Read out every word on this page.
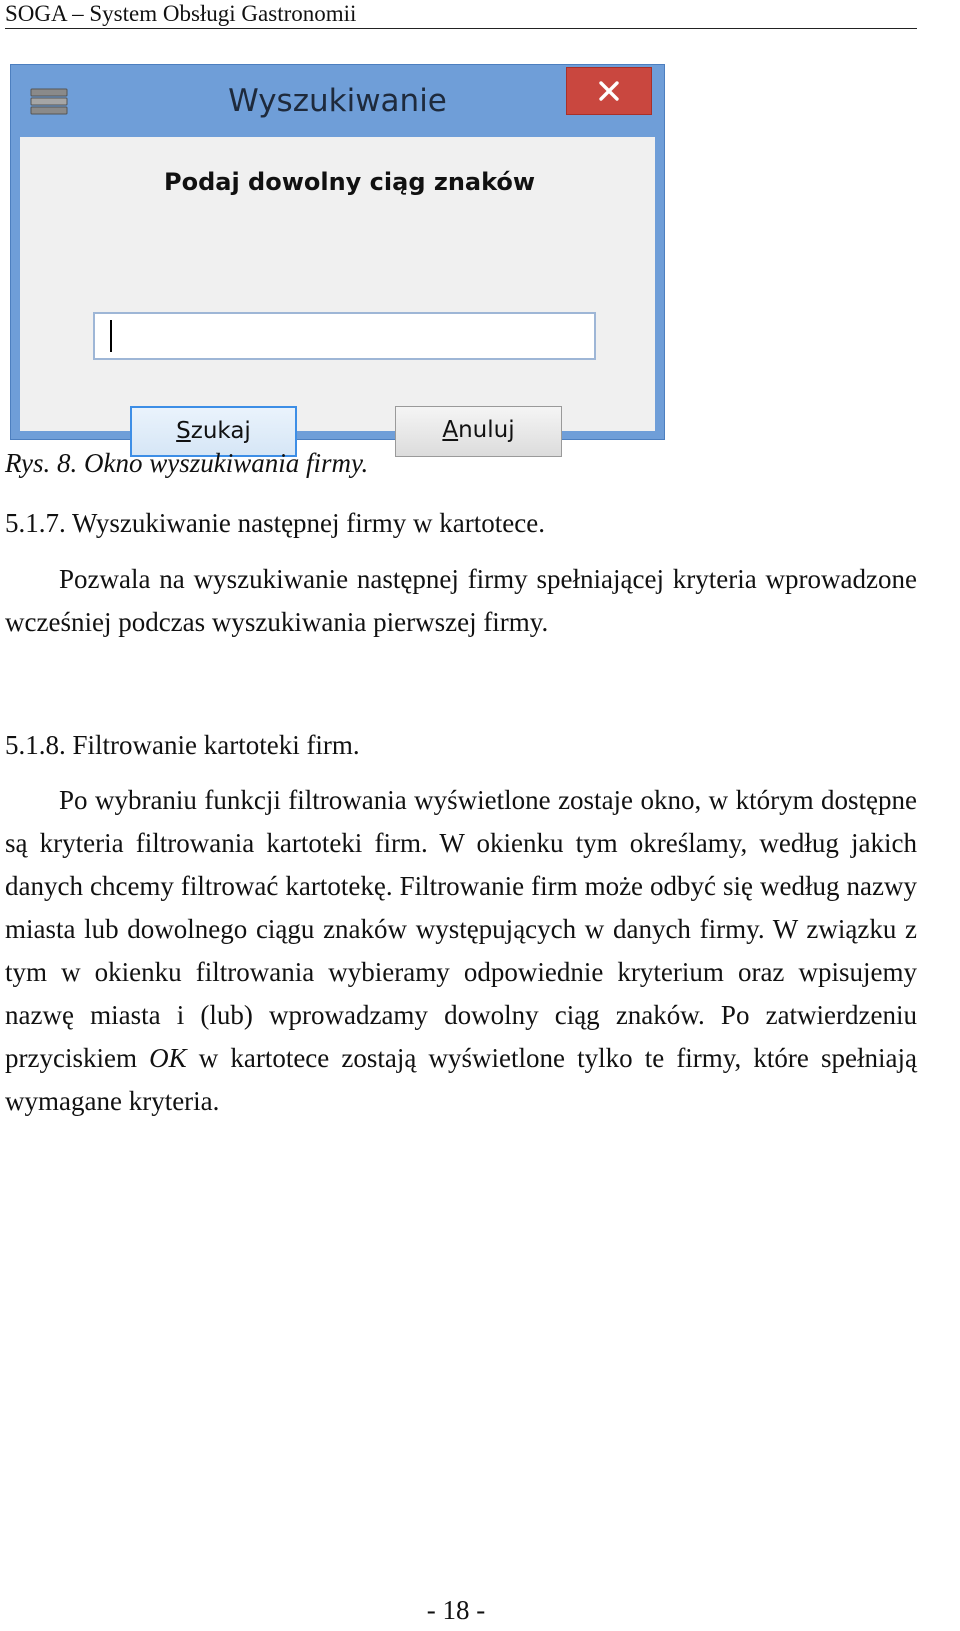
SOGA – System Obsługi Gastronomii
Wyszukiwanie
Podaj dowolny ciąg znaków
Szukaj	Anuluj
Rys. 8. Okno wyszukiwania firmy.
5.1.7. Wyszukiwanie następnej firmy w kartotece.

Pozwala na wyszukiwanie następnej firmy spełniającej kryteria wprowadzone wcześniej podczas wyszukiwania pierwszej firmy.

5.1.8. Filtrowanie kartoteki firm.

Po wybraniu funkcji filtrowania wyświetlone zostaje okno, w którym dostępne są kryteria filtrowania kartoteki firm. W okienku tym określamy, według jakich danych chcemy filtrować kartotekę. Filtrowanie firm może odbyć się według nazwy miasta lub dowolnego ciągu znaków występujących w danych firmy. W związku z tym w okienku filtrowania wybieramy odpowiednie kryterium oraz wpisujemy nazwę miasta i (lub) wprowadzamy dowolny ciąg znaków. Po zatwierdzeniu przyciskiem OK w kartotece zostają wyświetlone tylko te firmy, które spełniają wymagane kryteria.

- 18 -
